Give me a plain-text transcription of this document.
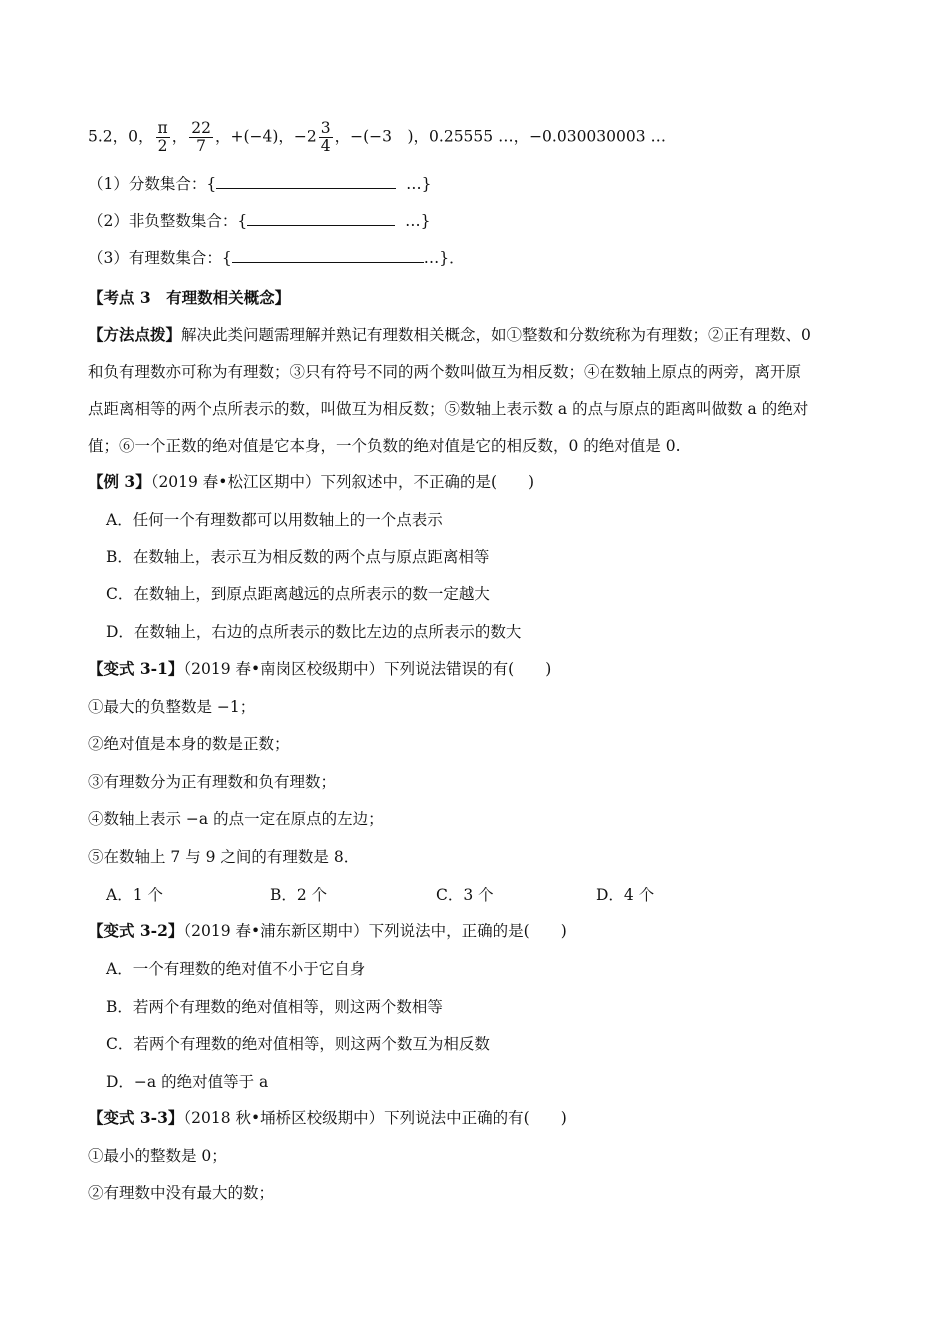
5.2，0， $\frac{\pi}{2}$ ， $\frac{22}{7}$ ，+(−4)，$-2 \frac{3}{4}$ ，−(−3　)，0.25555 …，−0.030030003 …
（1）分数集合：{	…}
（2）非负整数集合：{	…}
（3）有理数集合：{	…}．
【考点 3　有理数相关概念】
【方法点拨】解决此类问题需理解并熟记有理数相关概念，如①整数和分数统称为有理数；②正有理数、0
和负有理数亦可称为有理数；③只有符号不同的两个数叫做互为相反数；④在数轴上原点的两旁，离开原
点距离相等的两个点所表示的数，叫做互为相反数；⑤数轴上表示数 a 的点与原点的距离叫做数 a 的绝对
值；⑥一个正数的绝对值是它本身，一个负数的绝对值是它的相反数，0 的绝对值是 0.
【例 3】（2019 春•松江区期中）下列叙述中，不正确的是(　　)
A．任何一个有理数都可以用数轴上的一个点表示
B．在数轴上，表示互为相反数的两个点与原点距离相等
C．在数轴上，到原点距离越远的点所表示的数一定越大
D．在数轴上，右边的点所表示的数比左边的点所表示的数大
【变式 3-1】（2019 春•南岗区校级期中）下列说法错误的有(　　)
①最大的负整数是 −1；
②绝对值是本身的数是正数；
③有理数分为正有理数和负有理数；
④数轴上表示 −a 的点一定在原点的左边；
⑤在数轴上 7 与 9 之间的有理数是 8．
A．1 个	B．2 个	C．3 个	D．4 个
【变式 3-2】（2019 春•浦东新区期中）下列说法中，正确的是(　　)
A．一个有理数的绝对值不小于它自身
B．若两个有理数的绝对值相等，则这两个数相等
C．若两个有理数的绝对值相等，则这两个数互为相反数
D．−a 的绝对值等于 a
【变式 3-3】（2018 秋•埇桥区校级期中）下列说法中正确的有(　　)
①最小的整数是 0；
②有理数中没有最大的数；
